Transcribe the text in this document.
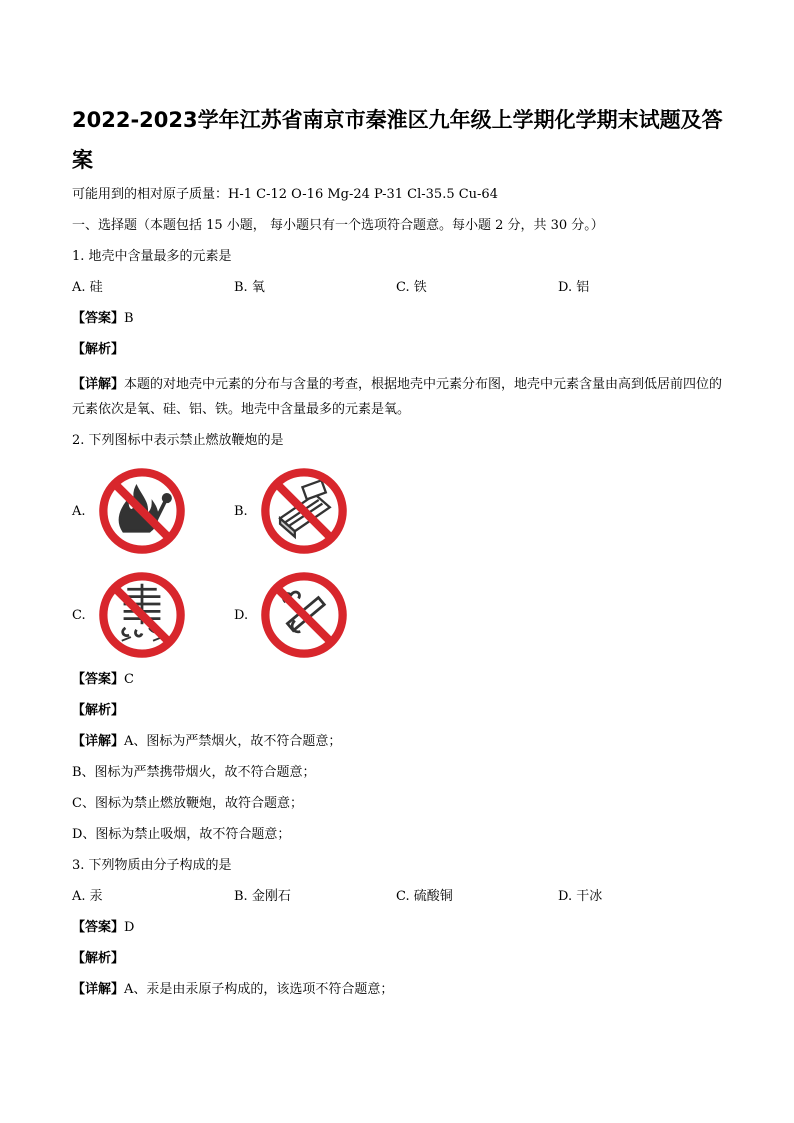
2022-2023学年江苏省南京市秦淮区九年级上学期化学期末试题及答案
可能用到的相对原子质量：H-1 C-12 O-16 Mg-24 P-31 Cl-35.5 Cu-64
一、选择题（本题包括 15 小题， 每小题只有一个选项符合题意。每小题 2 分，共 30 分。）
1. 地壳中含量最多的元素是
A. 硅	B. 氧	C. 铁	D. 铝
【答案】B
【解析】
【详解】本题的对地壳中元素的分布与含量的考查，根据地壳中元素分布图，地壳中元素含量由高到低居前四位的元素依次是氧、硅、铝、铁。地壳中含量最多的元素是氧。
2. 下列图标中表示禁止燃放鞭炮的是
A.	B.
C.	D.
【答案】C
【解析】
【详解】A、图标为严禁烟火，故不符合题意；
B、图标为严禁携带烟火，故不符合题意；
C、图标为禁止燃放鞭炮，故符合题意；
D、图标为禁止吸烟，故不符合题意；
3. 下列物质由分子构成的是
A. 汞	B. 金刚石	C. 硫酸铜	D. 干冰
【答案】D
【解析】
【详解】A、汞是由汞原子构成的，该选项不符合题意；
